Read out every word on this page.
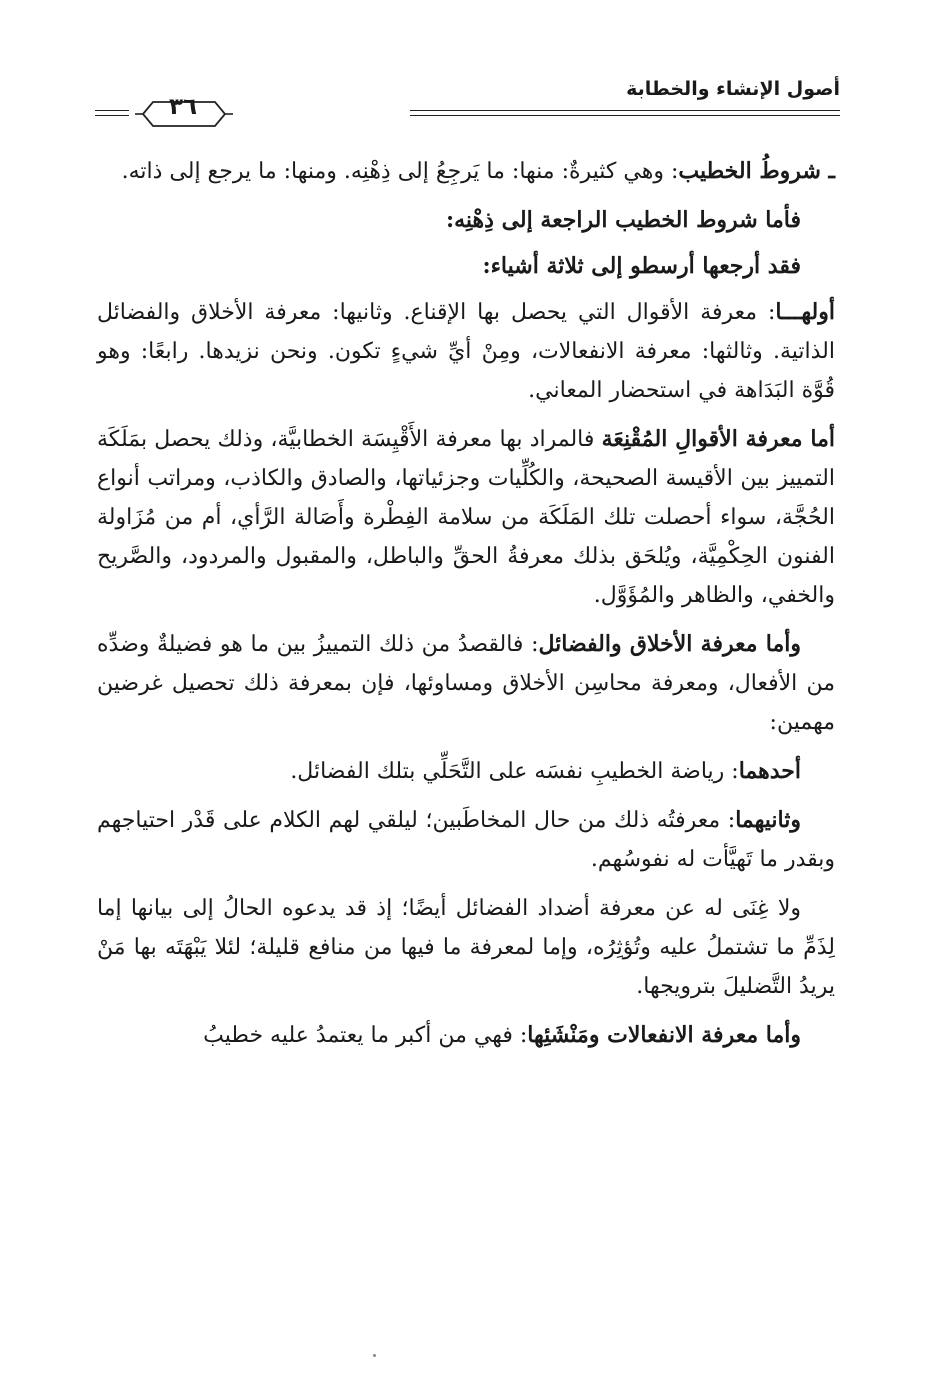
أصول الإنشاء والخطابة
٣٦

ـ شروطُ الخطيب: وهي كثيرةٌ: منها: ما يَرجِعُ إلى ذِهْنِه. ومنها: ما يرجع إلى ذاته.

فأما شروط الخطيب الراجعة إلى ذِهْنِه:

فقد أرجعها أرسطو إلى ثلاثة أشياء:

أولهـــا: معرفة الأقوال التي يحصل بها الإقناع. وثانيها: معرفة الأخلاق والفضائل الذاتية. وثالثها: معرفة الانفعالات، ومِنْ أيِّ شيءٍ تكون. ونحن نزيدها. رابعًا: وهو قُوَّة البَدَاهة في استحضار المعاني.

أما معرفة الأقوالِ المُقْنِعَة فالمراد بها معرفة الأَقْيِسَة الخطابيَّة، وذلك يحصل بمَلَكَة التمييز بين الأقيسة الصحيحة، والكُلِّيات وجزئياتها، والصادق والكاذب، ومراتب أنواع الحُجَّة، سواء أحصلت تلك المَلَكَة من سلامة الفِطْرة وأَصَالة الرَّأي، أم من مُزَاولة الفنون الحِكْمِيَّة، ويُلحَق بذلك معرفةُ الحقِّ والباطل، والمقبول والمردود، والصَّريح والخفي، والظاهر والمُؤَوَّل.

وأما معرفة الأخلاق والفضائل: فالقصدُ من ذلك التمييزُ بين ما هو فضيلةٌ وضدِّه من الأفعال، ومعرفة محاسِن الأخلاق ومساوئها، فإن بمعرفة ذلك تحصيل غرضين مهمين:

أحدهما: رياضة الخطيبِ نفسَه على التَّحَلِّي بتلك الفضائل.

وثانيهما: معرفتُه ذلك من حال المخاطَبين؛ ليلقي لهم الكلام على قَدْر احتياجهم وبقدر ما تَهيَّأت له نفوسُهم.

ولا غِنَى له عن معرفة أضداد الفضائل أيضًا؛ إذ قد يدعوه الحالُ إلى بيانها إما لِذَمِّ ما تشتملُ عليه وتُؤثِرُه، وإما لمعرفة ما فيها من منافع قليلة؛ لئلا يَبْهَتَه بها مَنْ يريدُ التَّضليلَ بترويجها.

وأما معرفة الانفعالات ومَنْشَئِها: فهي من أكبر ما يعتمدُ عليه خطيبُ
